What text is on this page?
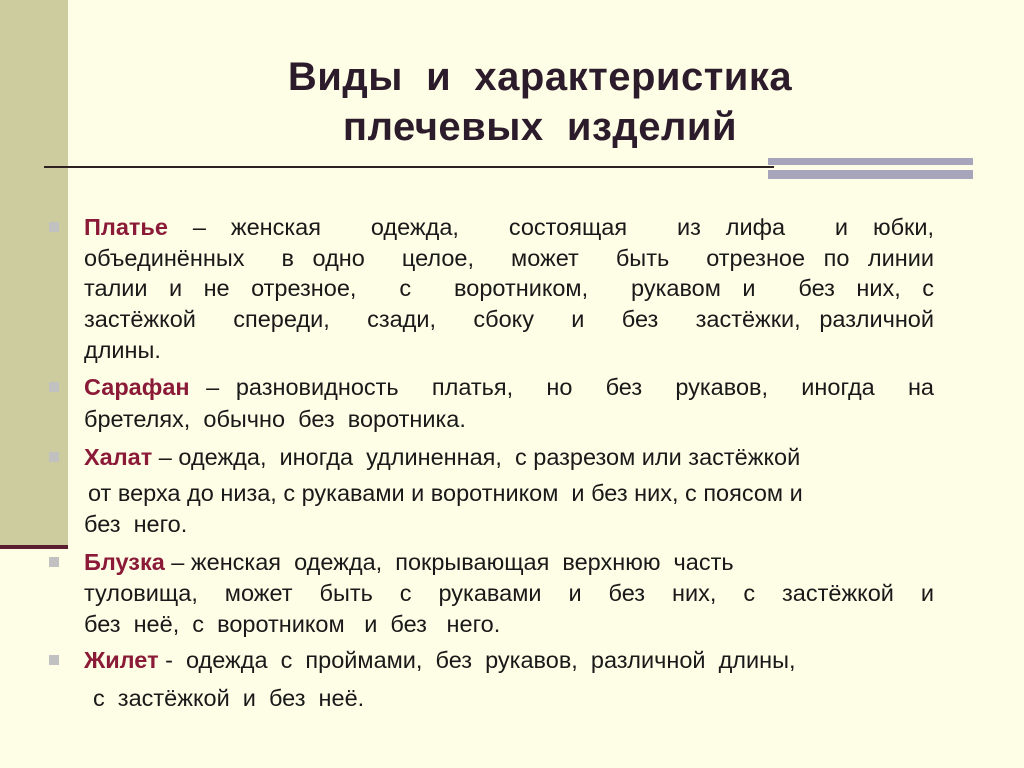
Виды  и  характеристика
плечевых  изделий

Платье – женская  одежда,  состоящая  из лифа  и юбки,

объединённых  в одно  целое,  может  быть  отрезное по линии

талии и не отрезное,  с  воротником,  рукавом и  без них, с

застёжкой  спереди,  сзади,  сбоку  и  без  застёжки, различной

длины.

Сарафан – разновидность  платья,  но  без  рукавов,  иногда  на

бретелях,  обычно  без  воротника.

Халат – одежда,  иногда  удлиненная,  с разрезом или застёжкой

от верха до низа, с рукавами и воротником  и без них, с поясом и

без  него.

Блузка – женская  одежда,  покрывающая  верхнюю  часть

туловища,  может  быть  с  рукавами  и  без  них,  с  застёжкой  и

без  неё,  с  воротником   и  без   него.

Жилет -  одежда  с  проймами,  без  рукавов,  различной  длины,

с  застёжкой  и  без  неё.
